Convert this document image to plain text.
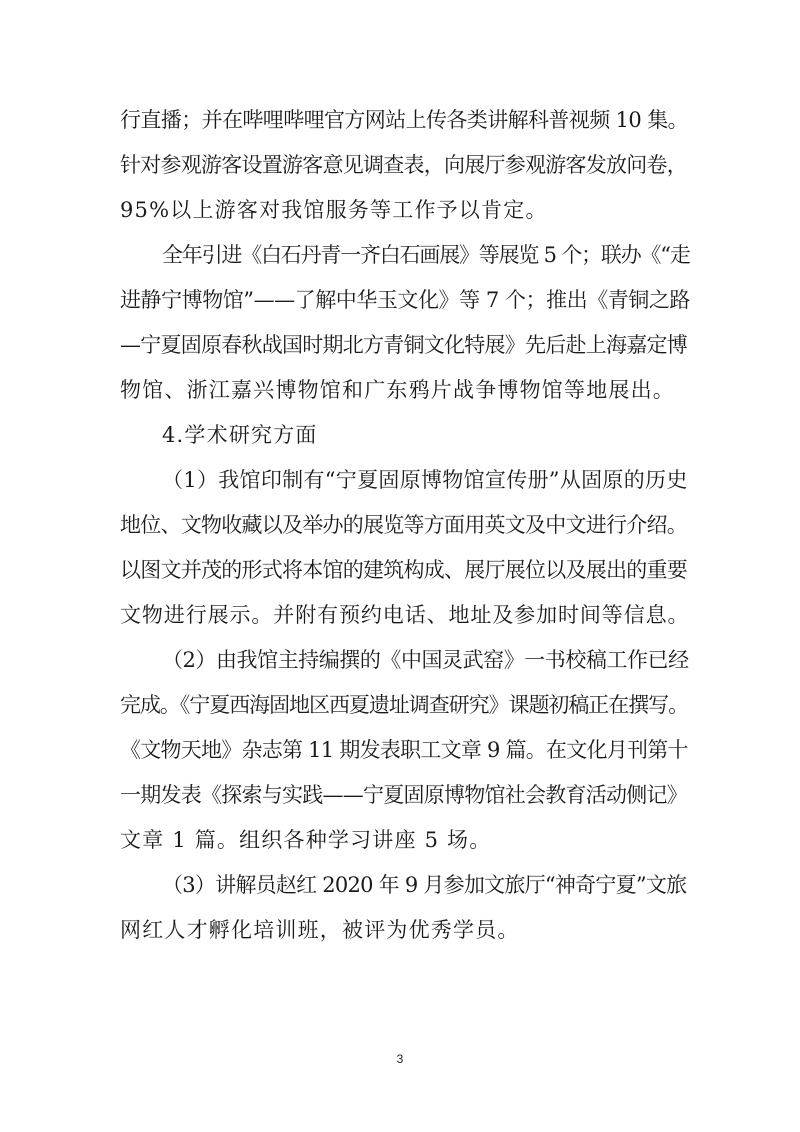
行直播；并在哔哩哔哩官方网站上传各类讲解科普视频 10 集。
针对参观游客设置游客意见调查表，向展厅参观游客发放问卷，
95%以上游客对我馆服务等工作予以肯定。
全年引进《白石丹青一齐白石画展》等展览 5 个；联办《“走
进静宁博物馆”——了解中华玉文化》等 7 个；推出《青铜之路
—宁夏固原春秋战国时期北方青铜文化特展》先后赴上海嘉定博
物馆、浙江嘉兴博物馆和广东鸦片战争博物馆等地展出。
4.学术研究方面
（1）我馆印制有“宁夏固原博物馆宣传册”从固原的历史
地位、文物收藏以及举办的展览等方面用英文及中文进行介绍。
以图文并茂的形式将本馆的建筑构成、展厅展位以及展出的重要
文物进行展示。并附有预约电话、地址及参加时间等信息。
（2）由我馆主持编撰的《中国灵武窑》一书校稿工作已经
完成。《宁夏西海固地区西夏遗址调查研究》课题初稿正在撰写。
《文物天地》杂志第 11 期发表职工文章 9 篇。在文化月刊第十
一期发表《探索与实践——宁夏固原博物馆社会教育活动侧记》
文章 1 篇。组织各种学习讲座 5 场。
（3）讲解员赵红 2020 年 9 月参加文旅厅“神奇宁夏”文旅
网红人才孵化培训班，被评为优秀学员。
3
